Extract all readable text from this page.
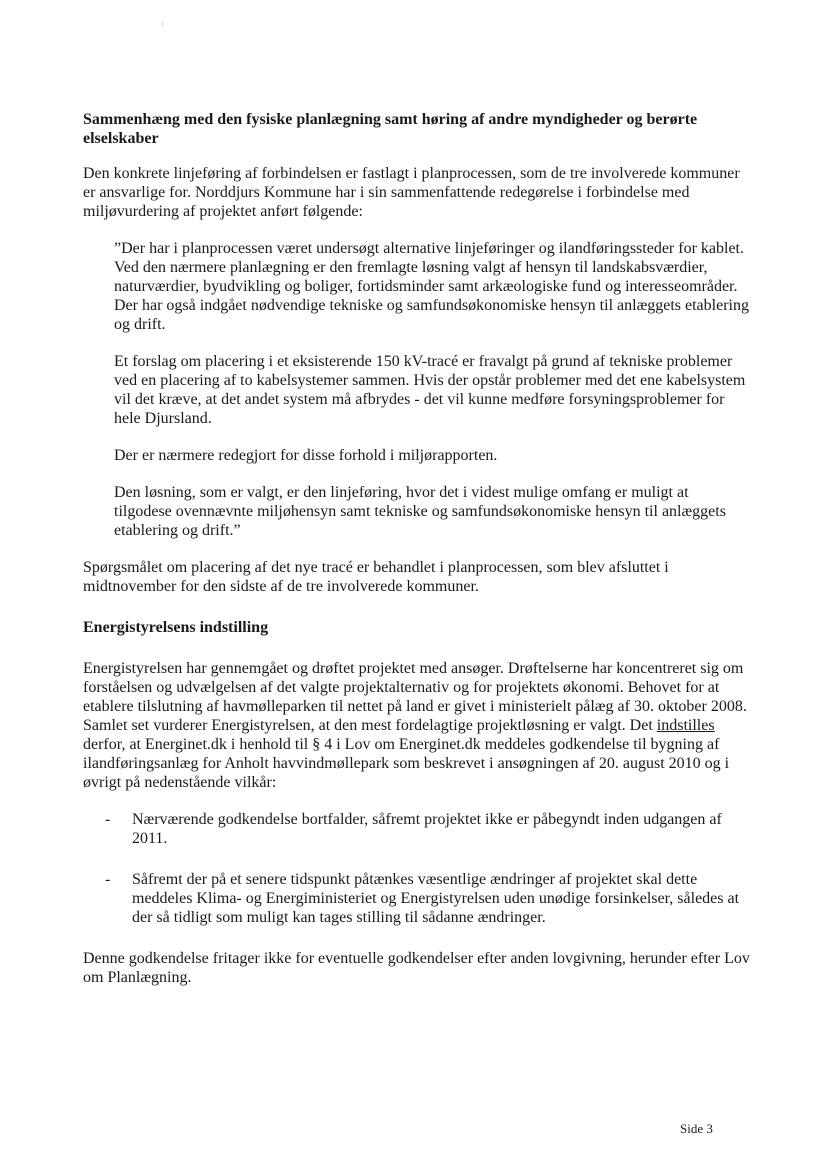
Sammenhæng med den fysiske planlægning samt høring af andre myndigheder og berørte elselskaber

Den konkrete linjeføring af forbindelsen er fastlagt i planprocessen, som de tre involverede kommuner er ansvarlige for. Norddjurs Kommune har i sin sammenfattende redegørelse i forbindelse med miljøvurdering af projektet anført følgende:

”Der har i planprocessen været undersøgt alternative linjeføringer og ilandføringssteder for kablet. Ved den nærmere planlægning er den fremlagte løsning valgt af hensyn til landskabsværdier, naturværdier, byudvikling og boliger, fortidsminder samt arkæologiske fund og interesseområder. Der har også indgået nødvendige tekniske og samfundsøkonomiske hensyn til anlæggets etablering og drift.

Et forslag om placering i et eksisterende 150 kV-tracé er fravalgt på grund af tekniske problemer ved en placering af to kabelsystemer sammen. Hvis der opstår problemer med det ene kabelsystem vil det kræve, at det andet system må afbrydes - det vil kunne medføre forsyningsproblemer for hele Djursland.

Der er nærmere redegjort for disse forhold i miljørapporten.

Den løsning, som er valgt, er den linjeføring, hvor det i videst mulige omfang er muligt at tilgodese ovennævnte miljøhensyn samt tekniske og samfundsøkonomiske hensyn til anlæggets etablering og drift.”

Spørgsmålet om placering af det nye tracé er behandlet i planprocessen, som blev afsluttet i midtnovember for den sidste af de tre involverede kommuner.

Energistyrelsens indstilling

Energistyrelsen har gennemgået og drøftet projektet med ansøger. Drøftelserne har koncentreret sig om forståelsen og udvælgelsen af det valgte projektalternativ og for projektets økonomi. Behovet for at etablere tilslutning af havmølleparken til nettet på land er givet i ministerielt pålæg af 30. oktober 2008. Samlet set vurderer Energistyrelsen, at den mest fordelagtige projektløsning er valgt. Det indstilles derfor, at Energinet.dk i henhold til § 4 i Lov om Energinet.dk meddeles godkendelse til bygning af ilandføringsanlæg for Anholt havvindmøllepark som beskrevet i ansøgningen af 20. august 2010 og i øvrigt på nedenstående vilkår:

- Nærværende godkendelse bortfalder, såfremt projektet ikke er påbegyndt inden udgangen af 2011.
- Såfremt der på et senere tidspunkt påtænkes væsentlige ændringer af projektet skal dette meddeles Klima- og Energiministeriet og Energistyrelsen uden unødige forsinkelser, således at der så tidligt som muligt kan tages stilling til sådanne ændringer.

Denne godkendelse fritager ikke for eventuelle godkendelser efter anden lovgivning, herunder efter Lov om Planlægning.

Side 3
